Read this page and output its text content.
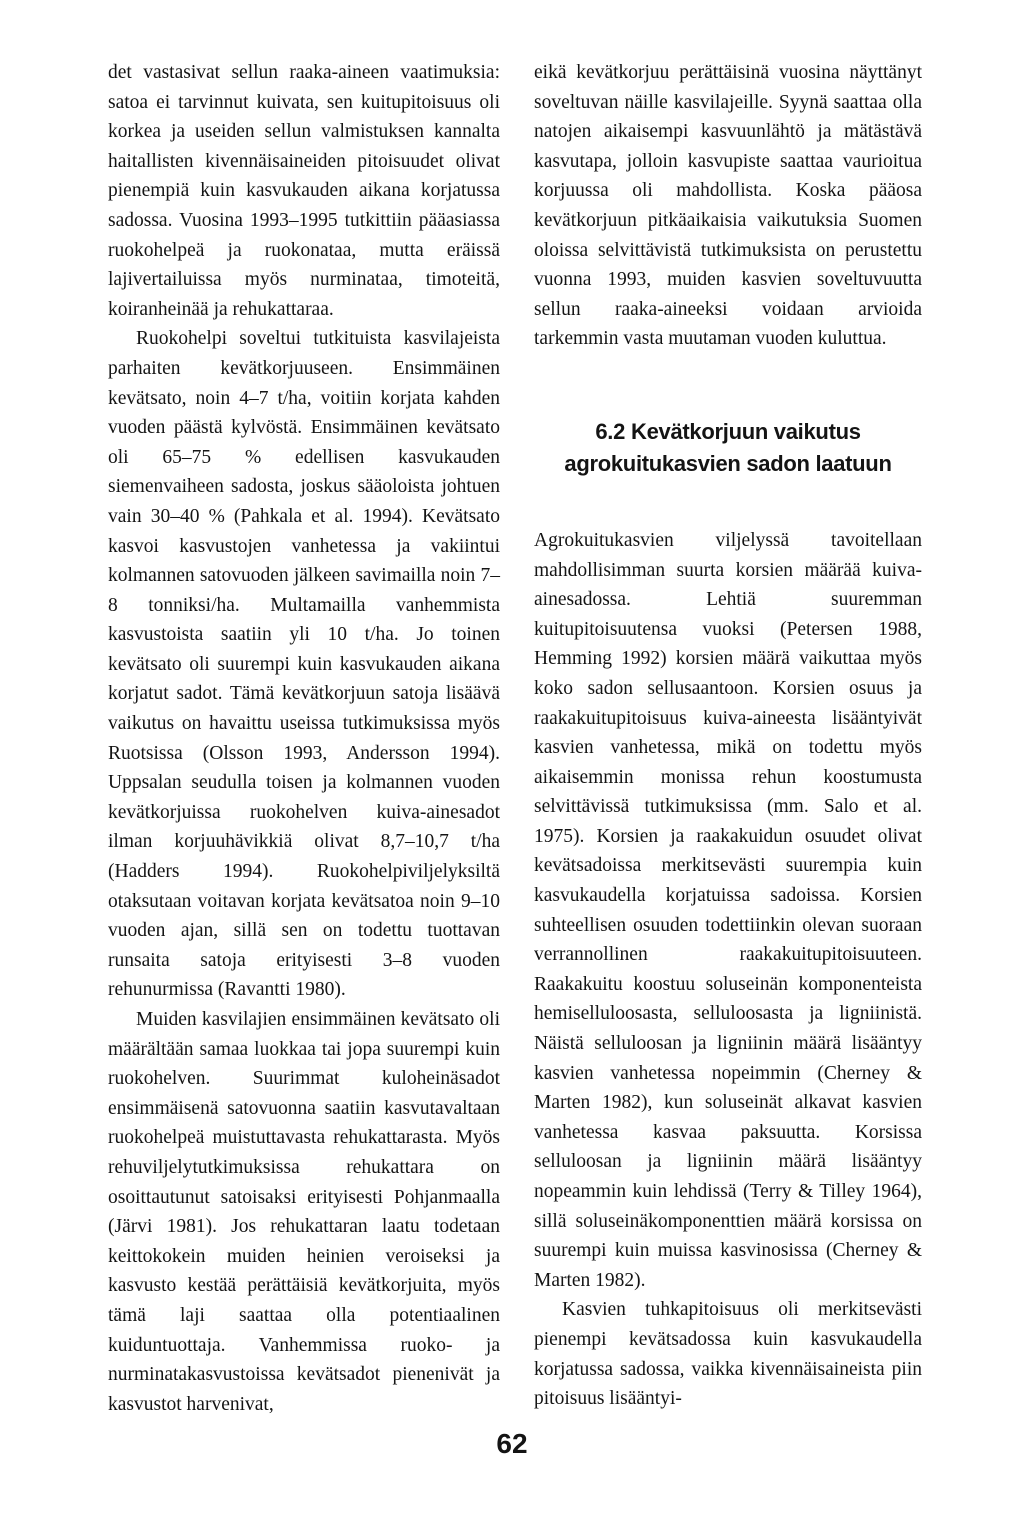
det vastasivat sellun raaka-aineen vaatimuksia: satoa ei tarvinnut kuivata, sen kuitupitoisuus oli korkea ja useiden sellun valmistuksen kannalta haitallisten kivennäisaineiden pitoisuudet olivat pienempiä kuin kasvukauden aikana korjatussa sadossa. Vuosina 1993–1995 tutkittiin pääasiassa ruokohelpeä ja ruokonataa, mutta eräissä lajivertailuissa myös nurminataa, timoteitä, koiranheinää ja rehukattaraa.

Ruokohelpi soveltui tutkituista kasvilajeista parhaiten kevätkorjuuseen. Ensimmäinen kevätsato, noin 4–7 t/ha, voitiin korjata kahden vuoden päästä kylvöstä. Ensimmäinen kevätsato oli 65–75 % edellisen kasvukauden siemenvaiheen sadosta, joskus sääoloista johtuen vain 30–40 % (Pahkala et al. 1994). Kevätsato kasvoi kasvustojen vanhetessa ja vakiintui kolmannen satovuoden jälkeen savimailla noin 7–8 tonniksi/ha. Multamailla vanhemmista kasvustoista saatiin yli 10 t/ha. Jo toinen kevätsato oli suurempi kuin kasvukauden aikana korjatut sadot. Tämä kevätkorjuun satoja lisäävä vaikutus on havaittu useissa tutkimuksissa myös Ruotsissa (Olsson 1993, Andersson 1994). Uppsalan seudulla toisen ja kolmannen vuoden kevätkorjuissa ruokohelven kuiva-ainesadot ilman korjuuhävikkiä olivat 8,7–10,7 t/ha (Hadders 1994). Ruokohelpiviljelyksiltä otaksutaan voitavan korjata kevätsatoa noin 9–10 vuoden ajan, sillä sen on todettu tuottavan runsaita satoja erityisesti 3–8 vuoden rehunurmissa (Ravantti 1980).

Muiden kasvilajien ensimmäinen kevätsato oli määrältään samaa luokkaa tai jopa suurempi kuin ruokohelven. Suurimmat kuloheinäsadot ensimmäisenä satovuonna saatiin kasvutavaltaan ruokohelpeä muistuttavasta rehukattarasta. Myös rehuviljelytutkimuksissa rehukattara on osoittautunut satoisaksi erityisesti Pohjanmaalla (Järvi 1981). Jos rehukattaran laatu todetaan keittokokein muiden heinien veroiseksi ja kasvusto kestää perättäisiä kevätkorjuita, myös tämä laji saattaa olla potentiaalinen kuiduntuottaja. Vanhemmissa ruoko- ja nurminatakasvustoissa kevätsadot pienenivät ja kasvustot harvenivat,

eikä kevätkorjuu perättäisinä vuosina näyttänyt soveltuvan näille kasvilajeille. Syynä saattaa olla natojen aikaisempi kasvuunlähtö ja mätästävä kasvutapa, jolloin kasvupiste saattaa vaurioitua korjuussa oli mahdollista. Koska pääosa kevätkorjuun pitkäaikaisia vaikutuksia Suomen oloissa selvittävistä tutkimuksista on perustettu vuonna 1993, muiden kasvien soveltuvuutta sellun raaka-aineeksi voidaan arvioida tarkemmin vasta muutaman vuoden kuluttua.

6.2 Kevätkorjuun vaikutus
agrokuitukasvien sadon laatuun

Agrokuitukasvien viljelyssä tavoitellaan mahdollisimman suurta korsien määrää kuiva-ainesadossa. Lehtiä suuremman kuitupitoisuutensa vuoksi (Petersen 1988, Hemming 1992) korsien määrä vaikuttaa myös koko sadon sellusaantoon. Korsien osuus ja raakakuitupitoisuus kuiva-aineesta lisääntyivät kasvien vanhetessa, mikä on todettu myös aikaisemmin monissa rehun koostumusta selvittävissä tutkimuksissa (mm. Salo et al. 1975). Korsien ja raakakuidun osuudet olivat kevätsadoissa merkitsevästi suurempia kuin kasvukaudella korjatuissa sadoissa. Korsien suhteellisen osuuden todettiinkin olevan suoraan verrannollinen raakakuitupitoisuuteen. Raakakuitu koostuu soluseinän komponenteista hemiselluloosasta, selluloosasta ja ligniinistä. Näistä selluloosan ja ligniinin määrä lisääntyy kasvien vanhetessa nopeimmin (Cherney & Marten 1982), kun soluseinät alkavat kasvien vanhetessa kasvaa paksuutta. Korsissa selluloosan ja ligniinin määrä lisääntyy nopeammin kuin lehdissä (Terry & Tilley 1964), sillä soluseinäkomponenttien määrä korsissa on suurempi kuin muissa kasvinosissa (Cherney & Marten 1982).

Kasvien tuhkapitoisuus oli merkitsevästi pienempi kevätsadossa kuin kasvukaudella korjatussa sadossa, vaikka kivennäisaineista piin pitoisuus lisääntyi-

62
